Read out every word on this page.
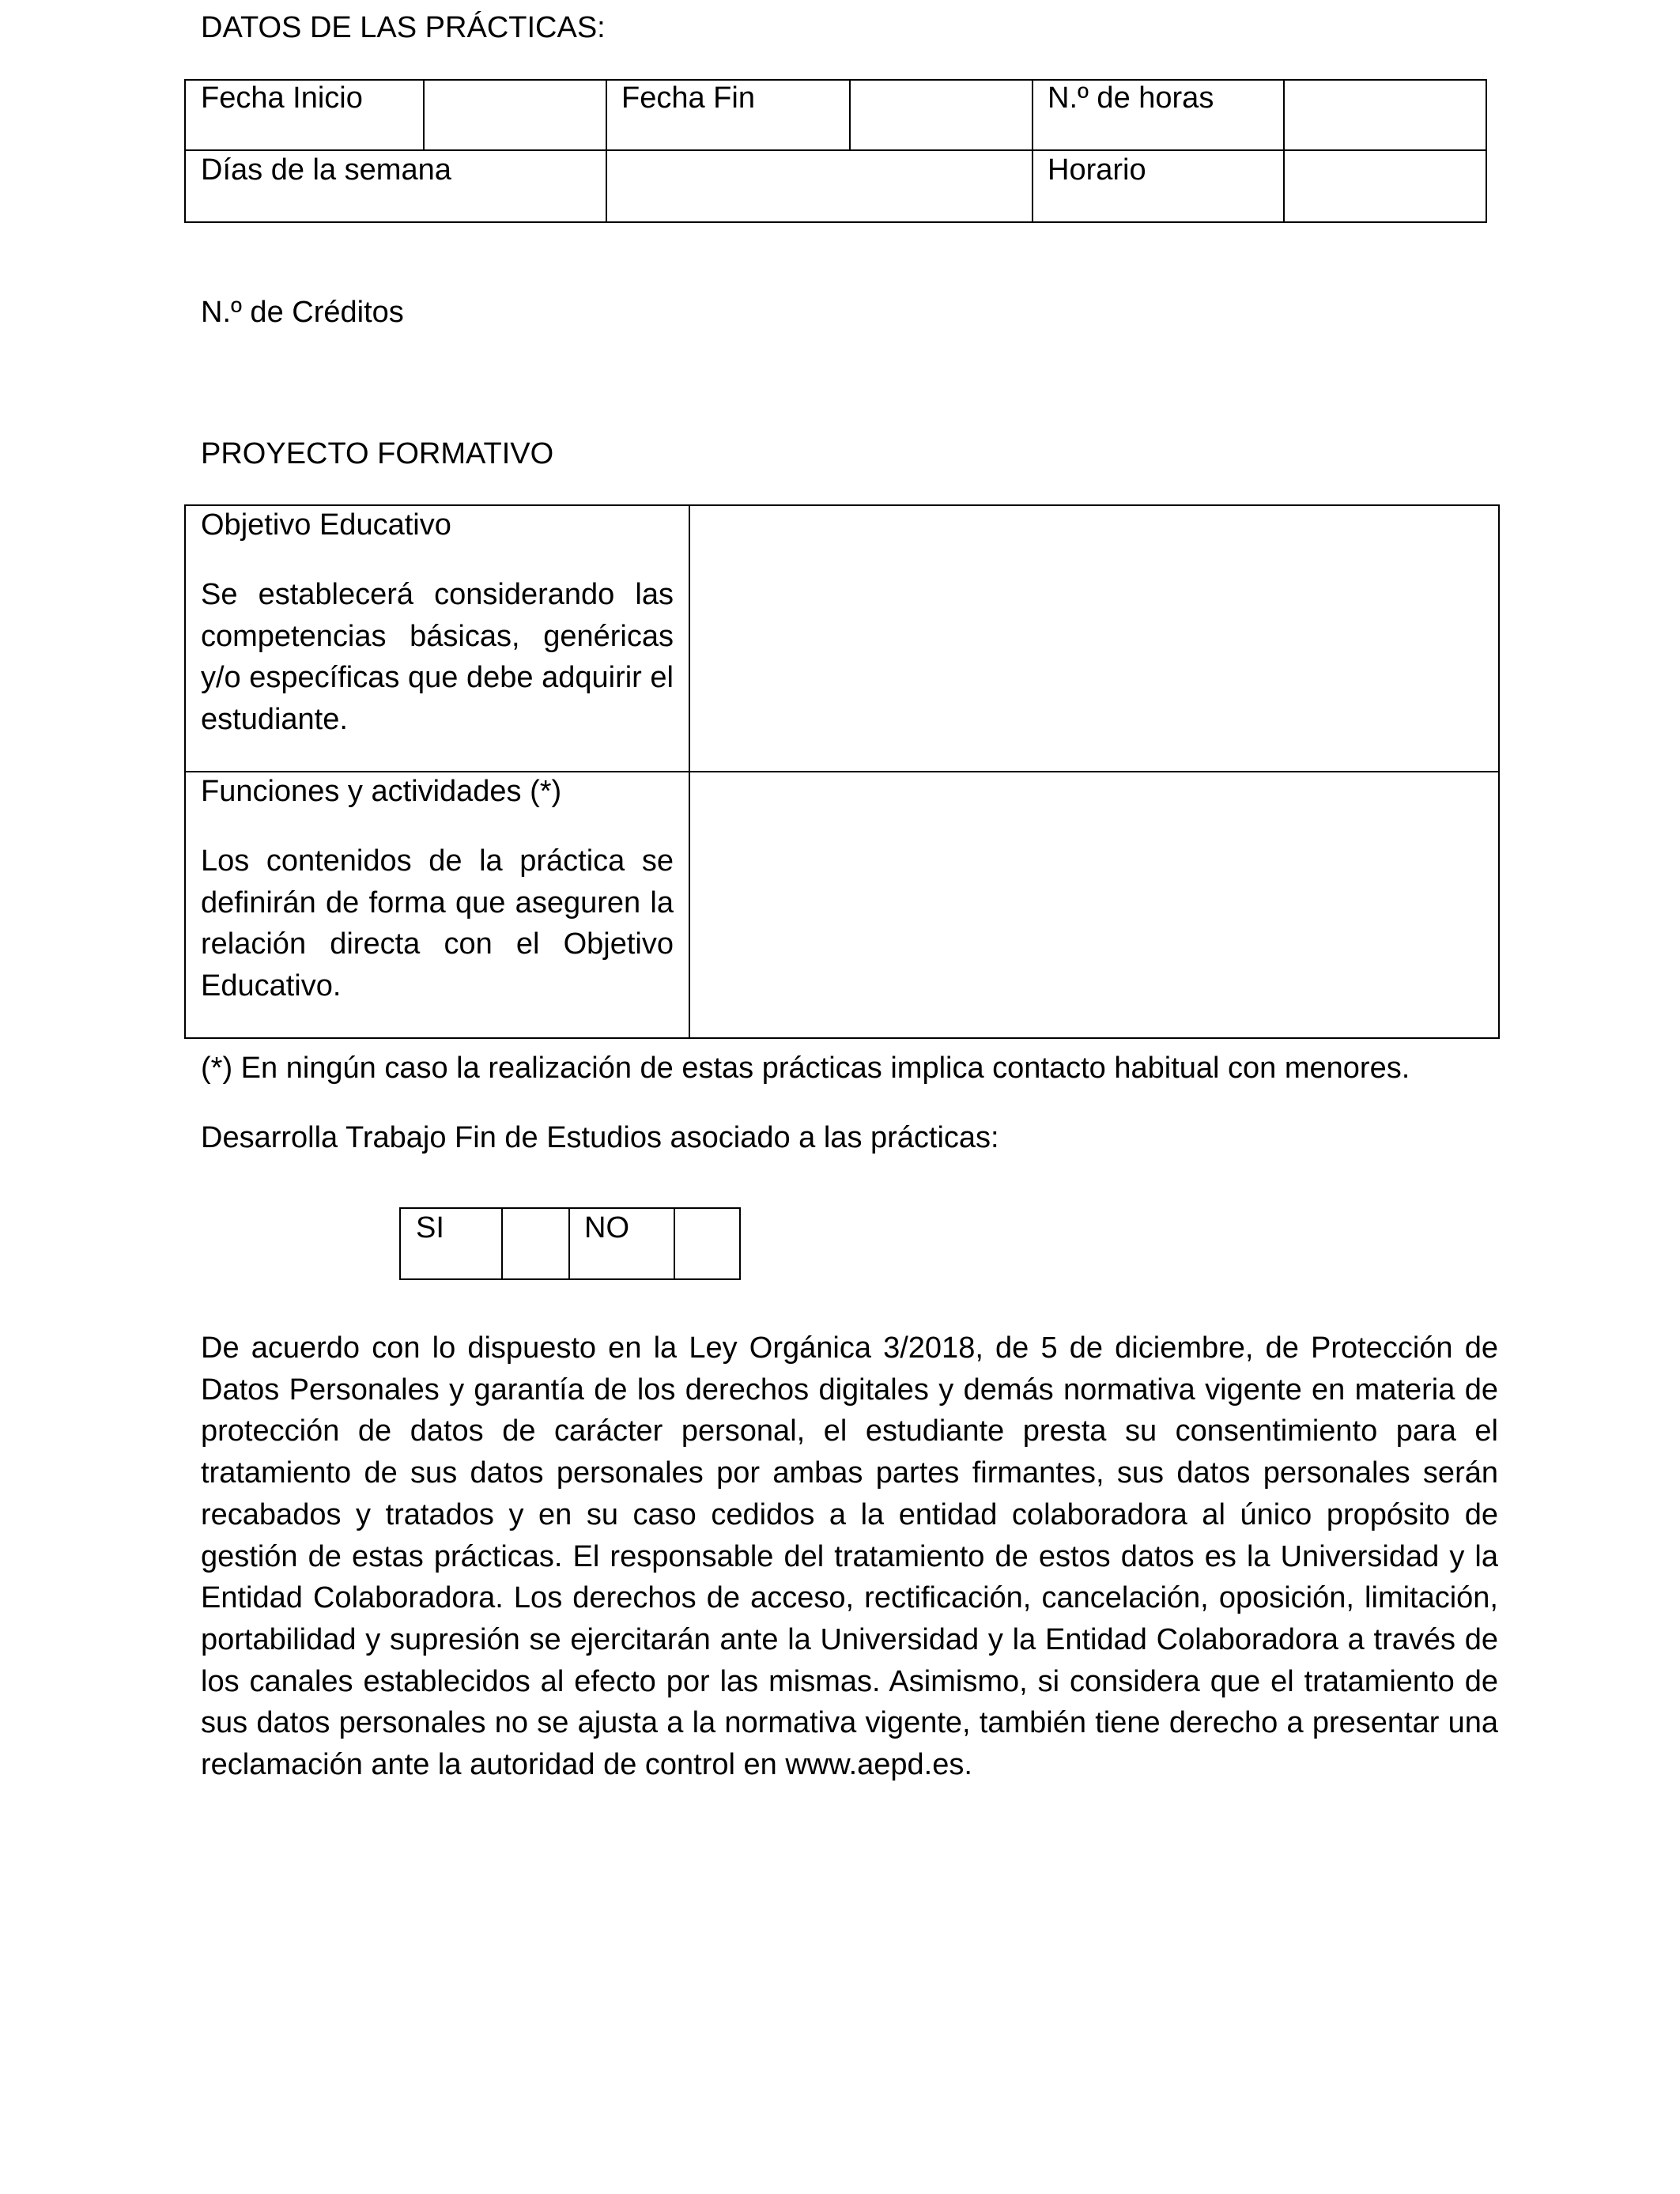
DATOS DE LAS PRÁCTICAS:
Fecha Inicio	Fecha Fin	N.º de horas
Días de la semana	Horario
N.º de Créditos
PROYECTO FORMATIVO
Objetivo Educativo
Se establecerá considerando las competencias básicas, genéricas y/o específicas que debe adquirir el estudiante.
Funciones y actividades (*)
Los contenidos de la práctica se definirán de forma que aseguren la relación directa con el Objetivo Educativo.
(*) En ningún caso la realización de estas prácticas implica contacto habitual con menores.
Desarrolla Trabajo Fin de Estudios asociado a las prácticas:
SI	NO
De acuerdo con lo dispuesto en la Ley Orgánica 3/2018, de 5 de diciembre, de Protección de Datos Personales y garantía de los derechos digitales y demás normativa vigente en materia de protección de datos de carácter personal, el estudiante presta su consentimiento para el tratamiento de sus datos personales por ambas partes firmantes, sus datos personales serán recabados y tratados y en su caso cedidos a la entidad colaboradora al único propósito de gestión de estas prácticas. El responsable del tratamiento de estos datos es la Universidad y la Entidad Colaboradora. Los derechos de acceso, rectificación, cancelación, oposición, limitación, portabilidad y supresión se ejercitarán ante la Universidad y la Entidad Colaboradora a través de los canales establecidos al efecto por las mismas. Asimismo, si considera que el tratamiento de sus datos personales no se ajusta a la normativa vigente, también tiene derecho a presentar una reclamación ante la autoridad de control en www.aepd.es.
